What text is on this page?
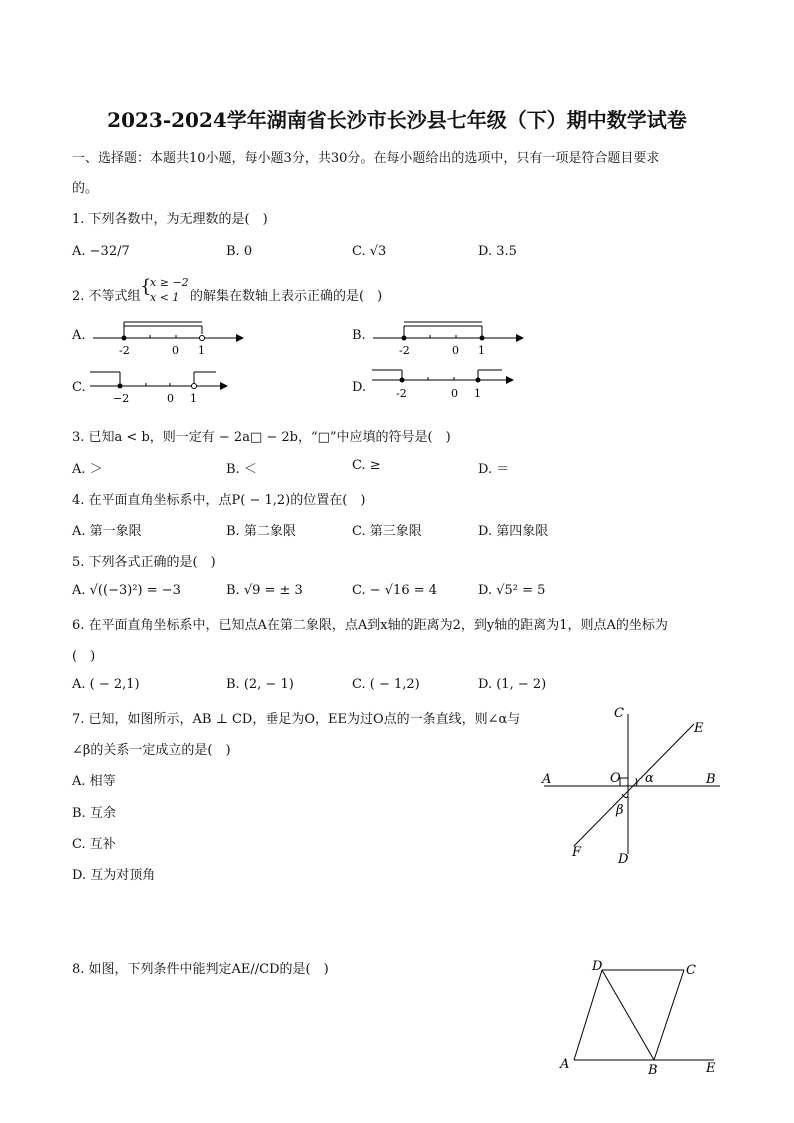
2023-2024学年湖南省长沙市长沙县七年级（下）期中数学试卷
一、选择题：本题共10小题，每小题3分，共30分。在每小题给出的选项中，只有一项是符合题目要求
的。
1. 下列各数中，为无理数的是(　)
A. −32/7	B. 0	C. √3	D. 3.5
2. 不等式组 {
x ≥ −2
x < 1 的解集在数轴上表示正确的是(　)
A.	B.
C.	D.
-2	0 1	-2	0 1
−2	0 1	-2	0 1
3. 已知a < b，则一定有 − 2a□ − 2b，“□”中应填的符号是(　)
A. ＞	B. ＜	C. ≥	D. ＝
4. 在平面直角坐标系中，点P( − 1,2)的位置在(　)
A. 第一象限	B. 第二象限	C. 第三象限	D. 第四象限
5. 下列各式正确的是(　)
A. √((−3)²) = −3	B. √9 = ± 3	C. − √16 = 4	D. √5² = 5
6. 在平面直角坐标系中，已知点A在第二象限，点A到x轴的距离为2，到y轴的距离为1，则点A的坐标为
(　)
A. ( − 2,1)	B. (2, − 1)	C. ( − 1,2)	D. (1, − 2)
7. 已知，如图所示，AB ⊥ CD，垂足为O，EE为过O点的一条直线，则∠α与
∠β的关系一定成立的是(　)
A. 相等
B. 互余
C. 互补
D. 互为对顶角
A	B
C
D
E
F
O α
β
8. 如图，下列条件中能判定AE//CD的是(　)	D	C
A	B	E
